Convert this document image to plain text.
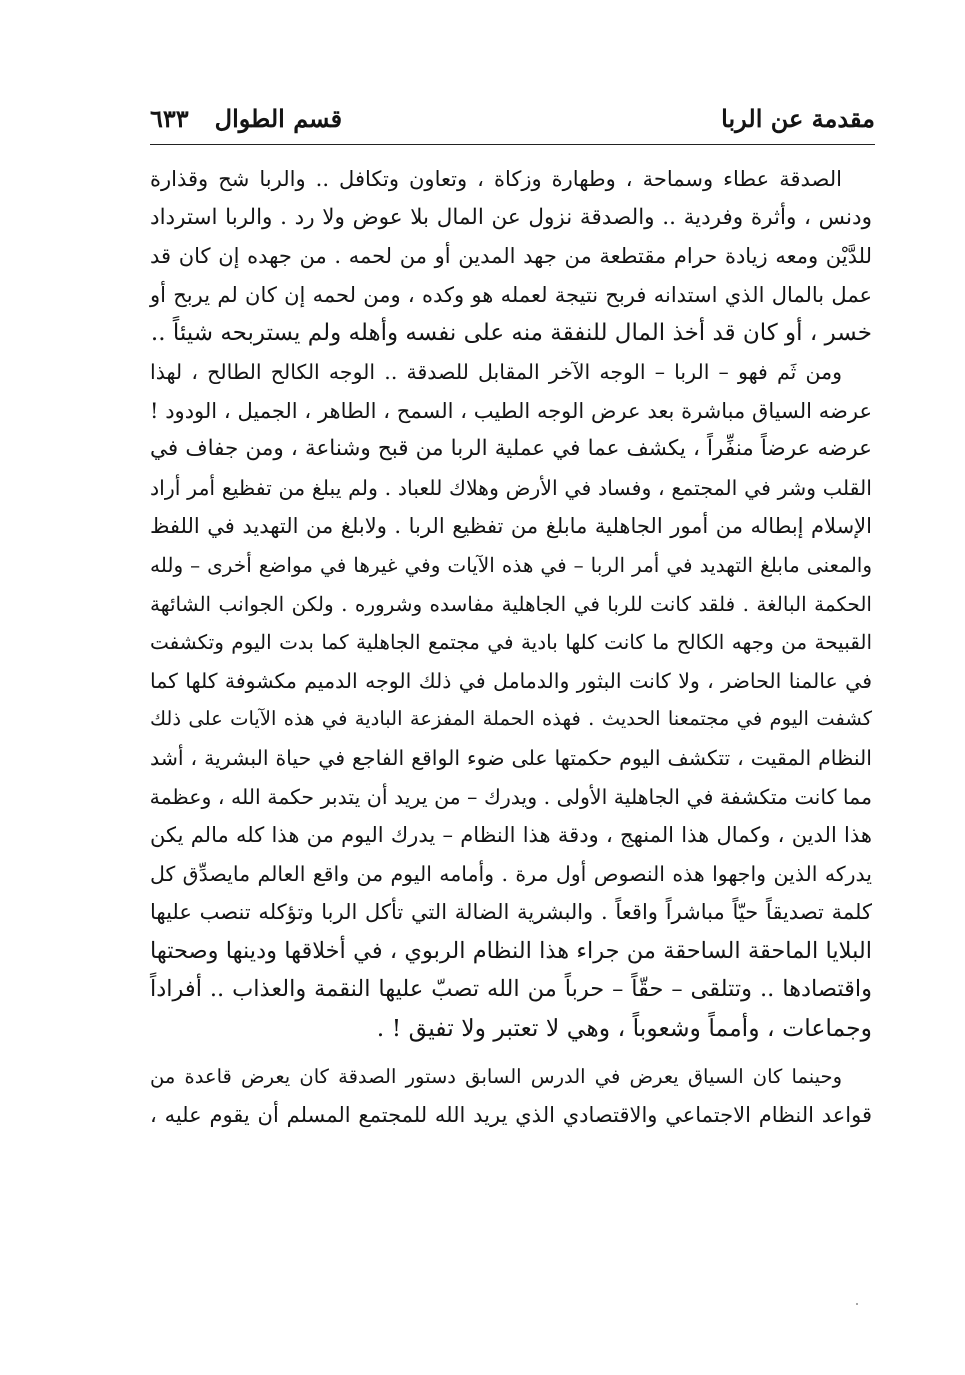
مقدمة عن الربا
قسم الطوال٦٣٣

الصدقة عطاء وسماحة ، وطهارة وزكاة ، وتعاون وتكافل .. والربا شح وقذارة
ودنس ، وأثرة وفردية .. والصدقة نزول عن المال بلا عوض ولا رد . والربا استرداد
للدَّيْن ومعه زيادة حرام مقتطعة من جهد المدين أو من لحمه . من جهده إن كان قد
عمل بالمال الذي استدانه فربح نتيجة لعمله هو وكده ، ومن لحمه إن كان لم يربح أو
خسر ، أو كان قد أخذ المال للنفقة منه على نفسه وأهله ولم يستربحه شيئاً ..

ومن ثَم فهو – الربا – الوجه الآخر المقابل للصدقة .. الوجه الكالح الطالح ، لهذا
عرضه السياق مباشرة بعد عرض الوجه الطيب ، السمح ، الطاهر ، الجميل ، الودود !
عرضه عرضاً منفِّراً ، يكشف عما في عملية الربا من قبح وشناعة ، ومن جفاف في
القلب وشر في المجتمع ، وفساد في الأرض وهلاك للعباد . ولم يبلغ من تفظيع أمر أراد
الإسلام إبطاله من أمور الجاهلية مابلغ من تفظيع الربا . ولابلغ من التهديد في اللفظ
والمعنى مابلغ التهديد في أمر الربا – في هذه الآيات وفي غيرها في مواضع أخرى – ولله
الحكمة البالغة . فلقد كانت للربا في الجاهلية مفاسده وشروره . ولكن الجوانب الشائهة
القبيحة من وجهه الكالح ما كانت كلها بادية في مجتمع الجاهلية كما بدت اليوم وتكشفت
في عالمنا الحاضر ، ولا كانت البثور والدمامل في ذلك الوجه الدميم مكشوفة كلها كما
كشفت اليوم في مجتمعنا الحديث . فهذه الحملة المفزعة البادية في هذه الآيات على ذلك
النظام المقيت ، تتكشف اليوم حكمتها على ضوء الواقع الفاجع في حياة البشرية ، أشد
مما كانت متكشفة في الجاهلية الأولى . ويدرك – من يريد أن يتدبر حكمة الله ، وعظمة
هذا الدين ، وكمال هذا المنهج ، ودقة هذا النظام – يدرك اليوم من هذا كله مالم يكن
يدركه الذين واجهوا هذه النصوص أول مرة . وأمامه اليوم من واقع العالم مايصدِّق كل
كلمة تصديقاً حيّاً مباشراً واقعاً . والبشرية الضالة التي تأكل الربا وتؤكله تنصب عليها
البلايا الماحقة الساحقة من جراء هذا النظام الربوي ، في أخلاقها ودينها وصحتها
واقتصادها .. وتتلقى – حقّاً – حرباً من الله تصبّ عليها النقمة والعذاب .. أفراداً
وجماعات ، وأمماً وشعوباً ، وهي لا تعتبر ولا تفيق ! .

وحينما كان السياق يعرض في الدرس السابق دستور الصدقة كان يعرض قاعدة من
قواعد النظام الاجتماعي والاقتصادي الذي يريد الله للمجتمع المسلم أن يقوم عليه ،
